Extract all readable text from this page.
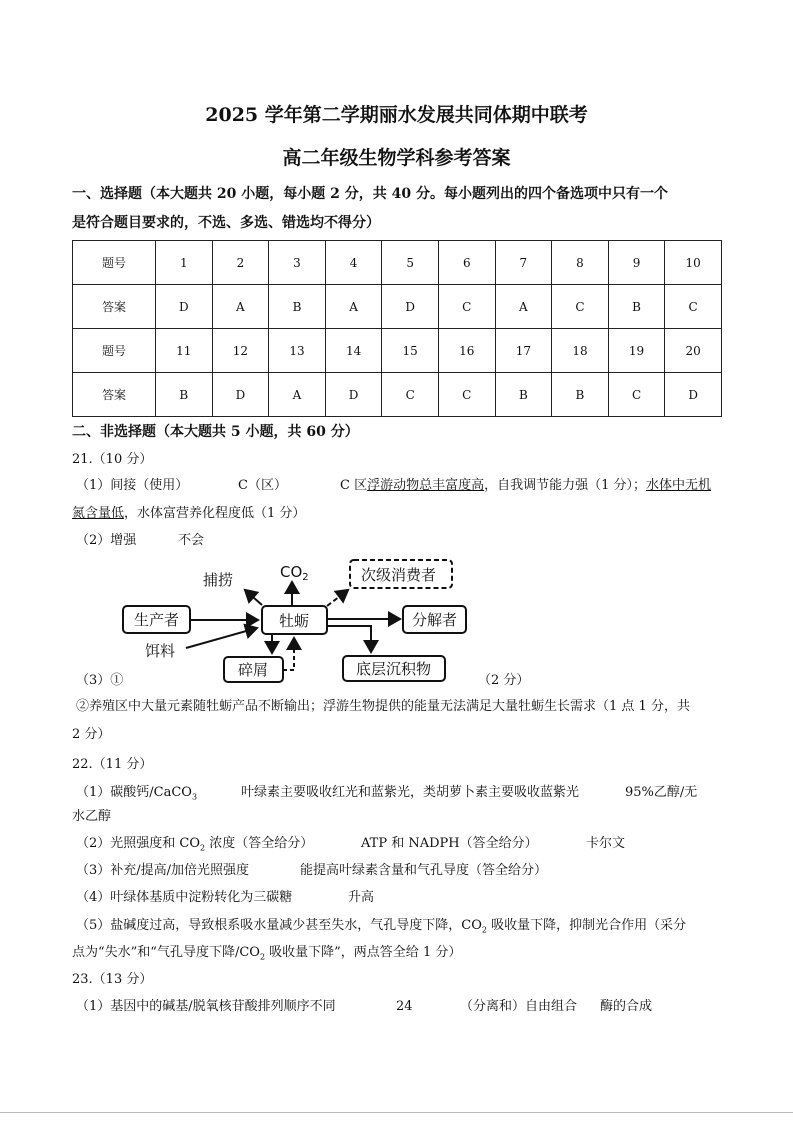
2025 学年第二学期丽水发展共同体期中联考
高二年级生物学科参考答案
一、选择题（本大题共 20 小题，每小题 2 分，共 40 分。每小题列出的四个备选项中只有一个
是符合题目要求的，不选、多选、错选均不得分）
题号	1	2	3	4	5	6	7	8	9	10
答案	D	A	B	A	D	C	A	C	B	C
题号	11	12	13	14	15	16	17	18	19	20
答案	B	D	A	D	C	C	B	B	C	D
二、非选择题（本大题共 5 小题，共 60 分）
21.（10 分）
（1）间接（使用）	C（区）	C 区浮游动物总丰富度高，自我调节能力强（1 分）；水体中无机
氮含量低，水体富营养化程度低（1 分）
（2）增强	不会
捕捞	$CO_2$	次级消费者
生产者	牡蛎	分解者
饵料
碎屑	底层沉积物
（3）①	（2 分）
②养殖区中大量元素随牡蛎产品不断输出；浮游生物提供的能量无法满足大量牡蛎生长需求（1 点 1 分，共
2 分）
22.（11 分）
（1）碳酸钙/CaCO$_3$	叶绿素主要吸收红光和蓝紫光，类胡萝卜素主要吸收蓝紫光	95%乙醇/无
水乙醇
（2）光照强度和 $CO_2$ 浓度（答全给分）	ATP 和 NADPH（答全给分）	卡尔文
（3）补充/提高/加倍光照强度	能提高叶绿素含量和气孔导度（答全给分）
（4）叶绿体基质中淀粉转化为三碳糖	升高
（5）盐碱度过高，导致根系吸水量减少甚至失水，气孔导度下降，$CO_2$ 吸收量下降，抑制光合作用（采分
点为“失水”和“气孔导度下降$/CO_2$ 吸收量下降”，两点答全给 1 分）
23.（13 分）
（1）基因中的碱基/脱氧核苷酸排列顺序不同	24	（分离和）自由组合 酶的合成
